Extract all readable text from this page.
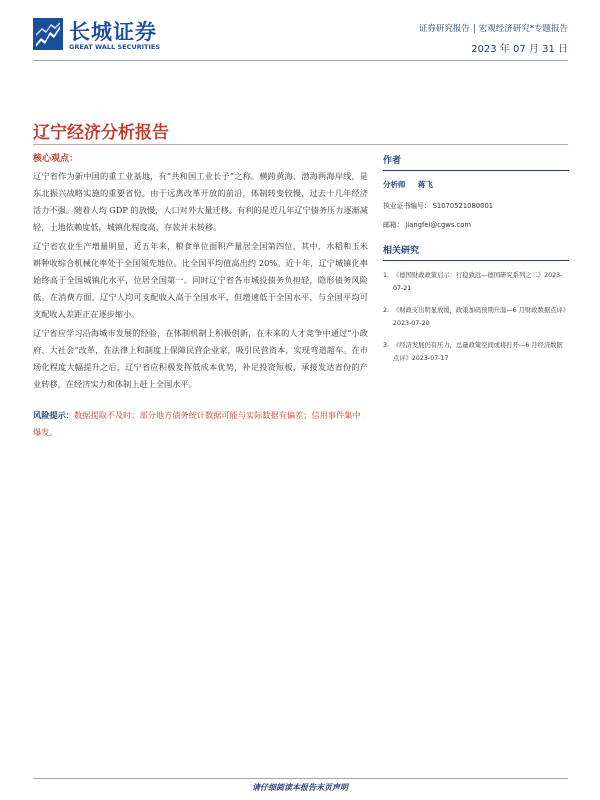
长城证券
GREAT WALL SECURITIES
证券研究报告 | 宏观经济研究*专题报告
2023 年 07 月 31 日
辽宁经济分析报告
核心观点：

辽宁省作为新中国的重工业基地，有“共和国工业长子”之称。横跨黄海、渤海两海岸线，是东北振兴战略实施的重要省份。由于远离改革开放的前沿，体制转变较慢，过去十几年经济活力不强。随着人均 GDP 的放慢，人口对外大量迁移。有利的是近几年辽宁债务压力逐渐减轻，土地依赖度低，城镇化程度高，存款并未转移。

辽宁省农业生产增量明显，近五年来，粮食单位面积产量居全国第四位，其中，水稻和玉米耕种收综合机械化率处于全国领先地位。比全国平均值高出约 20%。近十年，辽宁城镇化率始终高于全国城镇化水平，位居全国第一。同时辽宁省各市城投债务负担轻，隐形债务风险低。在消费方面，辽宁人均可支配收入高于全国水平，但增速低于全国水平，与全国平均可支配收入差距正在逐步缩小。

辽宁省应学习沿海城市发展的经验，在体制机制上积极创新，在未来的人才竞争中通过“小政府、大社会”改革，在法律上和制度上保障民营企业家，吸引民营资本，实现弯道超车。在市场化程度大幅提升之后，辽宁省应积极发挥低成本优势，补足投资短板，承接发达省份的产业转移，在经济实力和体制上赶上全国水平。

风险提示：数据提取不及时；部分地方债务统计数据可能与实际数据有偏差；信用事件集中爆发。
作者
分析师 蒋飞
执业证书编号： S1070521080001
邮箱： jiangfei@cgws.com
相关研究
1. 《德国财政政策启示：行稳致远—德国研究系列之二》2023-07-21
2. 《财政支出明显放缓，政策加码预期升温—6 月财政数据点评》2023-07-20
3. 《经济发展仍有压力，总量政策空间或将打开—6 月经济数据点评》2023-07-17
请仔细阅读本报告末页声明
